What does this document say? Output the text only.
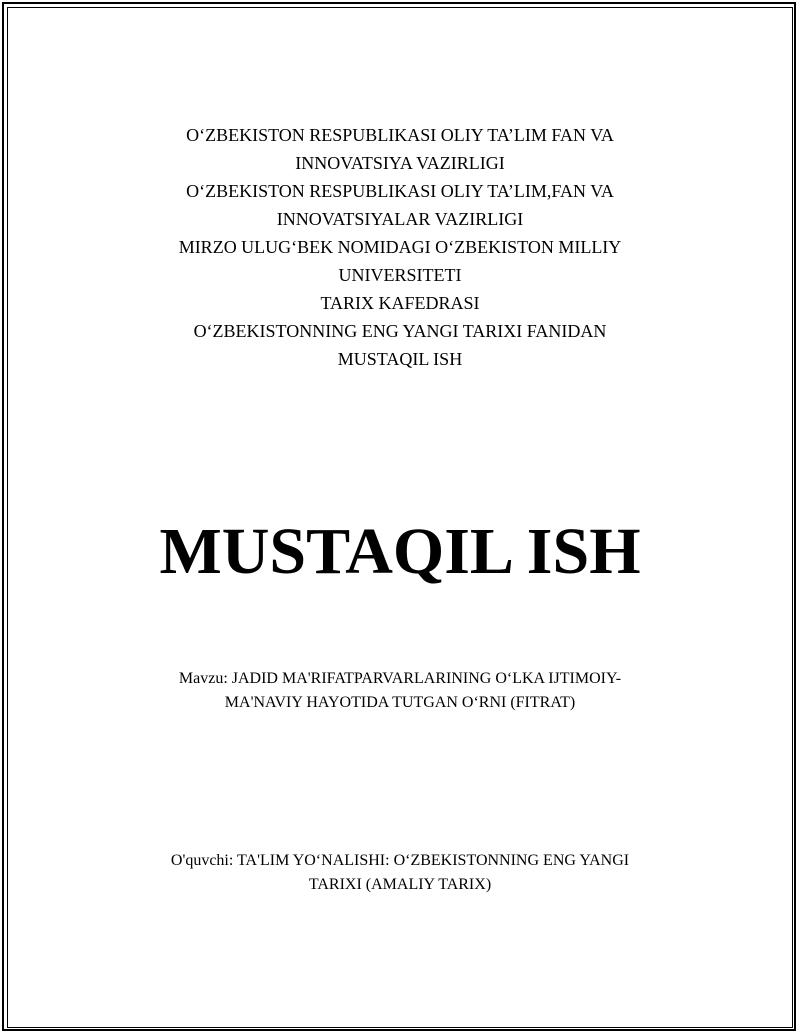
O‘ZBEKISTON RESPUBLIKASI OLIY TA’LIM FAN VA
INNOVATSIYA VAZIRLIGI
O‘ZBEKISTON RESPUBLIKASI OLIY TA’LIM,FAN VA
INNOVATSIYALAR VAZIRLIGI
MIRZO ULUG‘BEK NOMIDAGI O‘ZBEKISTON MILLIY
UNIVERSITETI
TARIX KAFEDRASI
O‘ZBEKISTONNING ENG YANGI TARIXI FANIDAN
MUSTAQIL ISH
MUSTAQIL ISH
Mavzu: JADID MA'RIFATPARVARLARINING O‘LKA IJTIMOIY-
MA'NAVIY HAYOTIDA TUTGAN O‘RNI (FITRAT)
O'quvchi: TA'LIM YO‘NALISHI: O‘ZBEKISTONNING ENG YANGI
TARIXI (AMALIY TARIX)
